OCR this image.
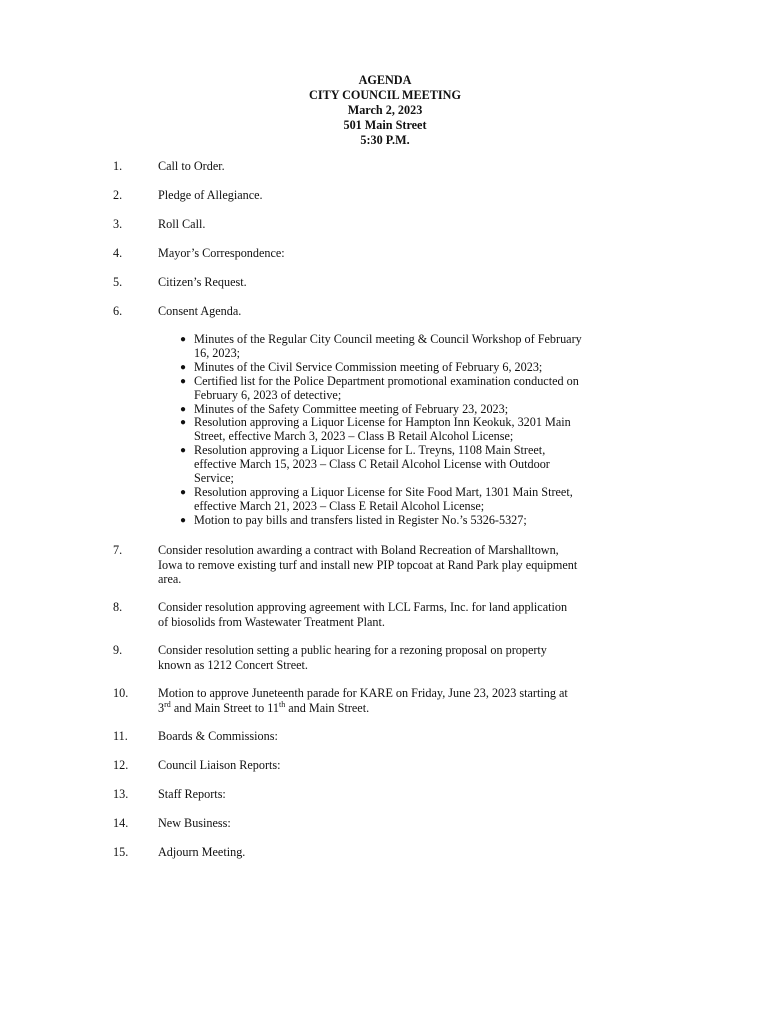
AGENDA
CITY COUNCIL MEETING
March 2, 2023
501 Main Street
5:30 P.M.
1.	Call to Order.
2.	Pledge of Allegiance.
3.	Roll Call.
4.	Mayor’s Correspondence:
5.	Citizen’s Request.
6.	Consent Agenda.
7.	Consider resolution awarding a contract with Boland Recreation of Marshalltown,
Iowa to remove existing turf and install new PIP topcoat at Rand Park play equipment
area.
8.	Consider resolution approving agreement with LCL Farms, Inc. for land application
of biosolids from Wastewater Treatment Plant.
9.	Consider resolution setting a public hearing for a rezoning proposal on property
known as 1212 Concert Street.
10. Motion to approve Juneteenth parade for KARE on Friday, June 23, 2023 starting at
3rd and Main Street to 11th and Main Street.
11. Boards & Commissions:
12. Council Liaison Reports:
13. Staff Reports:
14. New Business:
15. Adjourn Meeting.
● Minutes of the Regular City Council meeting & Council Workshop of February
16, 2023;
● Minutes of the Civil Service Commission meeting of February 6, 2023;
● Certified list for the Police Department promotional examination conducted on
February 6, 2023 of detective;
● Minutes of the Safety Committee meeting of February 23, 2023;
● Resolution approving a Liquor License for Hampton Inn Keokuk, 3201 Main
Street, effective March 3, 2023 – Class B Retail Alcohol License;
● Resolution approving a Liquor License for L. Treyns, 1108 Main Street,
effective March 15, 2023 – Class C Retail Alcohol License with Outdoor
Service;
● Resolution approving a Liquor License for Site Food Mart, 1301 Main Street,
effective March 21, 2023 – Class E Retail Alcohol License;
● Motion to pay bills and transfers listed in Register No.’s 5326-5327;
